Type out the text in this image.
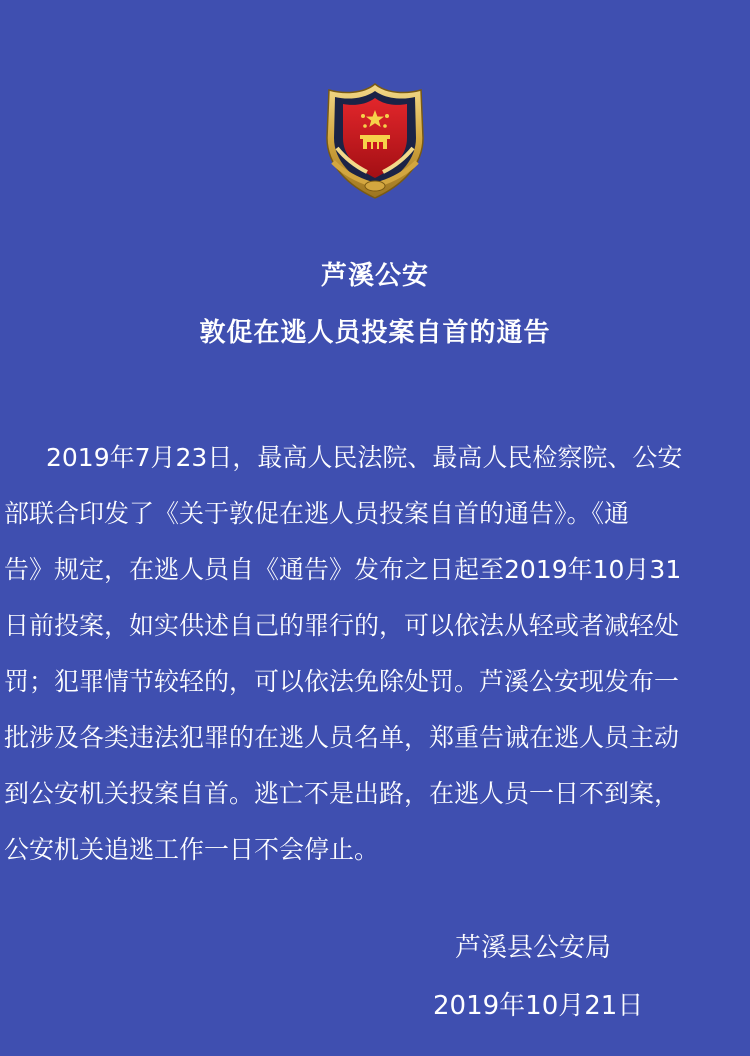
芦溪公安
敦促在逃人员投案自首的通告
2019年7月23日，最高人民法院、最高人民检察院、公安
部联合印发了《关于敦促在逃人员投案自首的通告》。《通
告》规定，在逃人员自《通告》发布之日起至2019年10月31
日前投案，如实供述自己的罪行的，可以依法从轻或者减轻处
罚；犯罪情节较轻的，可以依法免除处罚。芦溪公安现发布一
批涉及各类违法犯罪的在逃人员名单，郑重告诫在逃人员主动
到公安机关投案自首。逃亡不是出路，在逃人员一日不到案，
公安机关追逃工作一日不会停止。
芦溪县公安局
2019年10月21日
